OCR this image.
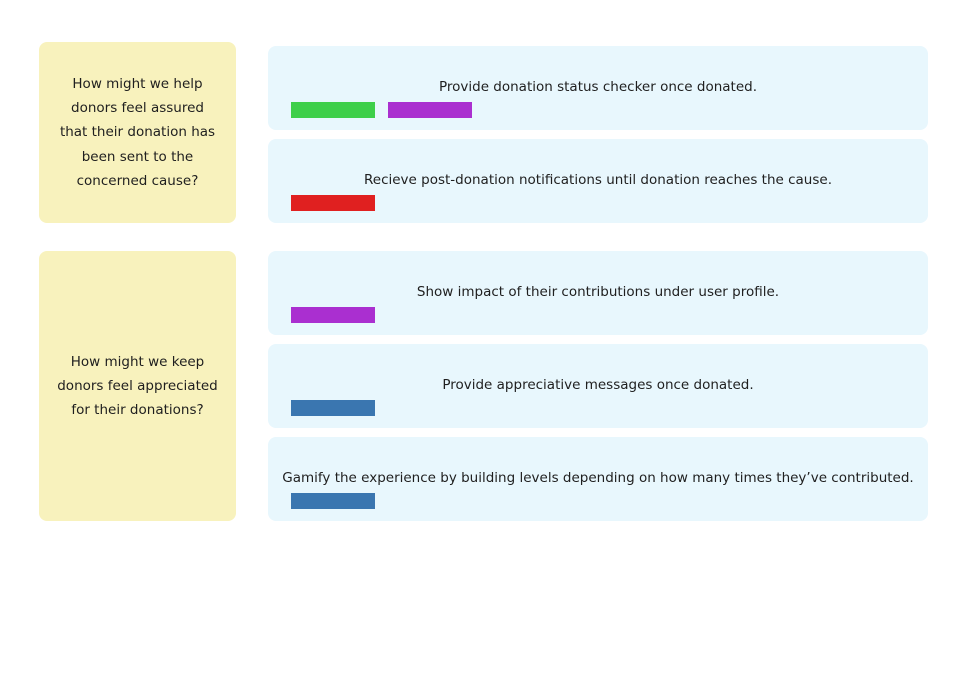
How might we help
donors feel assured
that their donation has
been sent to the
concerned cause?

Provide donation status checker once donated.
Recieve post-donation notifications until donation reaches the cause.

How might we keep
donors feel appreciated
for their donations?

Show impact of their contributions under user profile.
Provide appreciative messages once donated.
Gamify the experience by building levels depending on how many times they’ve contributed.
